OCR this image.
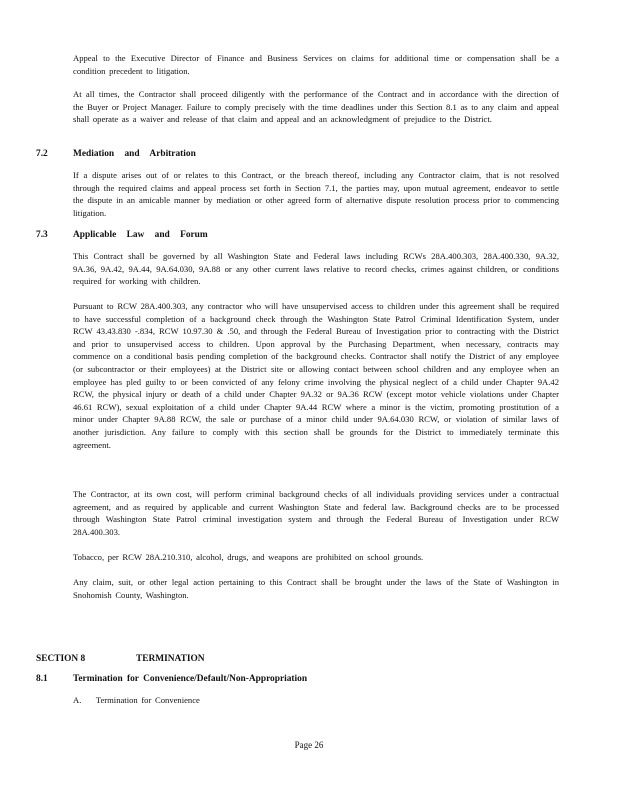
Appeal to the Executive Director of Finance and Business Services on claims for additional time or compensation shall be a condition precedent to litigation.
At all times, the Contractor shall proceed diligently with the performance of the Contract and in accordance with the direction of the Buyer or Project Manager. Failure to comply precisely with the time deadlines under this Section 8.1 as to any claim and appeal shall operate as a waiver and release of that claim and appeal and an acknowledgment of prejudice to the District.
7.2	Mediation and Arbitration
If a dispute arises out of or relates to this Contract, or the breach thereof, including any Contractor claim, that is not resolved through the required claims and appeal process set forth in Section 7.1, the parties may, upon mutual agreement, endeavor to settle the dispute in an amicable manner by mediation or other agreed form of alternative dispute resolution process prior to commencing litigation.
7.3	Applicable Law and Forum
This Contract shall be governed by all Washington State and Federal laws including RCWs 28A.400.303, 28A.400.330, 9A.32, 9A.36, 9A.42, 9A.44, 9A.64.030, 9A.88 or any other current laws relative to record checks, crimes against children, or conditions required for working with children.
Pursuant to RCW 28A.400.303, any contractor who will have unsupervised access to children under this agreement shall be required to have successful completion of a background check through the Washington State Patrol Criminal Identification System, under RCW 43.43.830 -.834, RCW 10.97.30 & .50, and through the Federal Bureau of Investigation prior to contracting with the District and prior to unsupervised access to children. Upon approval by the Purchasing Department, when necessary, contracts may commence on a conditional basis pending completion of the background checks. Contractor shall notify the District of any employee (or subcontractor or their employees) at the District site or allowing contact between school children and any employee when an employee has pled guilty to or been convicted of any felony crime involving the physical neglect of a child under Chapter 9A.42 RCW, the physical injury or death of a child under Chapter 9A.32 or 9A.36 RCW (except motor vehicle violations under Chapter 46.61 RCW), sexual exploitation of a child under Chapter 9A.44 RCW where a minor is the victim, promoting prostitution of a minor under Chapter 9A.88 RCW, the sale or purchase of a minor child under 9A.64.030 RCW, or violation of similar laws of another jurisdiction. Any failure to comply with this section shall be grounds for the District to immediately terminate this agreement.
The Contractor, at its own cost, will perform criminal background checks of all individuals providing services under a contractual agreement, and as required by applicable and current Washington State and federal law. Background checks are to be processed through Washington State Patrol criminal investigation system and through the Federal Bureau of Investigation under RCW 28A.400.303.
Tobacco, per RCW 28A.210.310, alcohol, drugs, and weapons are prohibited on school grounds.
Any claim, suit, or other legal action pertaining to this Contract shall be brought under the laws of the State of Washington in Snohomish County, Washington.
SECTION 8	TERMINATION
8.1	Termination for Convenience/Default/Non-Appropriation
A.    Termination for Convenience
Page 26
